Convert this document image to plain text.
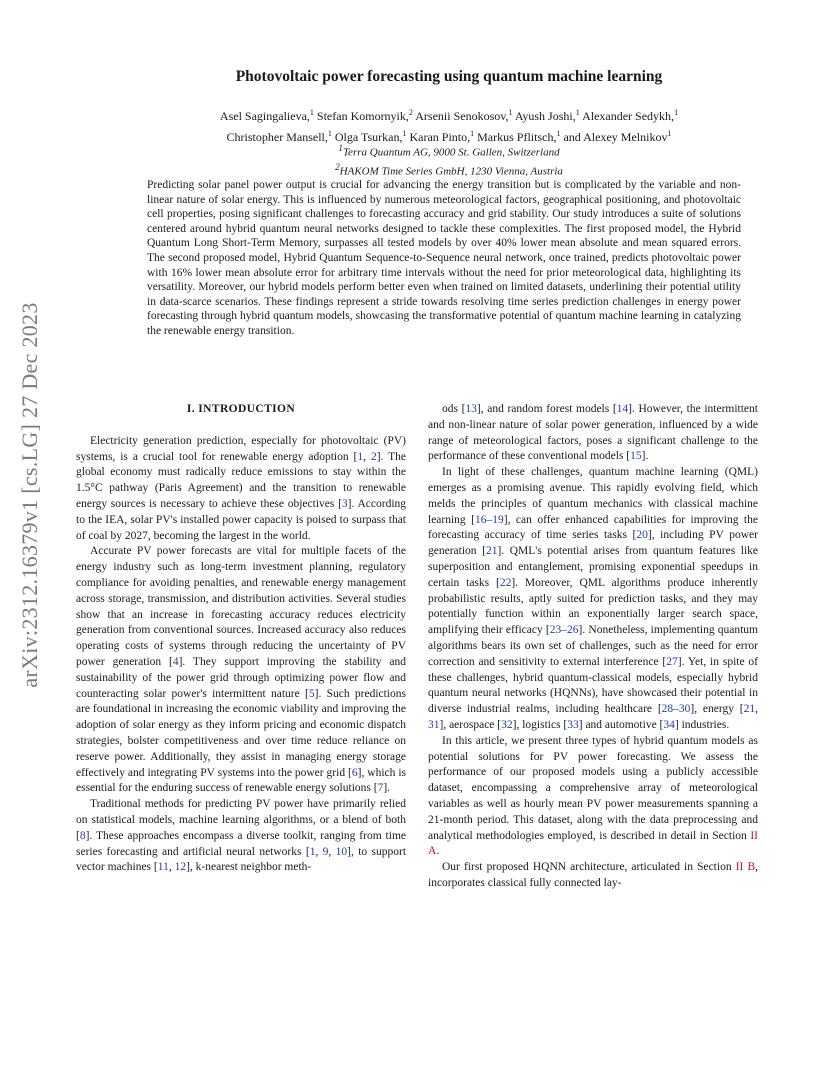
arXiv:2312.16379v1 [cs.LG] 27 Dec 2023
Photovoltaic power forecasting using quantum machine learning
Asel Sagingalieva,$^1$ Stefan Komornyik,$^2$ Arsenii Senokosov,$^1$ Ayush Joshi,$^1$ Alexander Sedykh,$^1$
Christopher Mansell,$^1$ Olga Tsurkan,$^1$ Karan Pinto,$^1$ Markus Pflitsch,$^1$ and Alexey Melnikov$^1$
$^1$Terra Quantum AG, 9000 St. Gallen, Switzerland
$^2$HAKOM Time Series GmbH, 1230 Vienna, Austria
Predicting solar panel power output is crucial for advancing the energy transition but is complicated by the variable and non-linear nature of solar energy. This is influenced by numerous meteorological factors, geographical positioning, and photovoltaic cell properties, posing significant challenges to forecasting accuracy and grid stability. Our study introduces a suite of solutions centered around hybrid quantum neural networks designed to tackle these complexities. The first proposed model, the Hybrid Quantum Long Short-Term Memory, surpasses all tested models by over 40% lower mean absolute and mean squared errors. The second proposed model, Hybrid Quantum Sequence-to-Sequence neural network, once trained, predicts photovoltaic power with 16% lower mean absolute error for arbitrary time intervals without the need for prior meteorological data, highlighting its versatility. Moreover, our hybrid models perform better even when trained on limited datasets, underlining their potential utility in data-scarce scenarios. These findings represent a stride towards resolving time series prediction challenges in energy power forecasting through hybrid quantum models, showcasing the transformative potential of quantum machine learning in catalyzing the renewable energy transition.
I. INTRODUCTION

Electricity generation prediction, especially for photovoltaic (PV) systems, is a crucial tool for renewable energy adoption [1, 2]. The global economy must radically reduce emissions to stay within the 1.5°C pathway (Paris Agreement) and the transition to renewable energy sources is necessary to achieve these objectives [3]. According to the IEA, solar PV's installed power capacity is poised to surpass that of coal by 2027, becoming the largest in the world.

Accurate PV power forecasts are vital for multiple facets of the energy industry such as long-term investment planning, regulatory compliance for avoiding penalties, and renewable energy management across storage, transmission, and distribution activities. Several studies show that an increase in forecasting accuracy reduces electricity generation from conventional sources. Increased accuracy also reduces operating costs of systems through reducing the uncertainty of PV power generation [4]. They support improving the stability and sustainability of the power grid through optimizing power flow and counteracting solar power's intermittent nature [5]. Such predictions are foundational in increasing the economic viability and improving the adoption of solar energy as they inform pricing and economic dispatch strategies, bolster competitiveness and over time reduce reliance on reserve power. Additionally, they assist in managing energy storage effectively and integrating PV systems into the power grid [6], which is essential for the enduring success of renewable energy solutions [7].

Traditional methods for predicting PV power have primarily relied on statistical models, machine learning algorithms, or a blend of both [8]. These approaches encompass a diverse toolkit, ranging from time series forecasting and artificial neural networks [1, 9, 10], to support vector machines [11, 12], k-nearest neighbor meth-

ods [13], and random forest models [14]. However, the intermittent and non-linear nature of solar power generation, influenced by a wide range of meteorological factors, poses a significant challenge to the performance of these conventional models [15].

In light of these challenges, quantum machine learning (QML) emerges as a promising avenue. This rapidly evolving field, which melds the principles of quantum mechanics with classical machine learning [16–19], can offer enhanced capabilities for improving the forecasting accuracy of time series tasks [20], including PV power generation [21]. QML's potential arises from quantum features like superposition and entanglement, promising exponential speedups in certain tasks [22]. Moreover, QML algorithms produce inherently probabilistic results, aptly suited for prediction tasks, and they may potentially function within an exponentially larger search space, amplifying their efficacy [23–26]. Nonetheless, implementing quantum algorithms bears its own set of challenges, such as the need for error correction and sensitivity to external interference [27]. Yet, in spite of these challenges, hybrid quantum-classical models, especially hybrid quantum neural networks (HQNNs), have showcased their potential in diverse industrial realms, including healthcare [28–30], energy [21, 31], aerospace [32], logistics [33] and automotive [34] industries.

In this article, we present three types of hybrid quantum models as potential solutions for PV power forecasting. We assess the performance of our proposed models using a publicly accessible dataset, encompassing a comprehensive array of meteorological variables as well as hourly mean PV power measurements spanning a 21-month period. This dataset, along with the data preprocessing and analytical methodologies employed, is described in detail in Section II A.

Our first proposed HQNN architecture, articulated in Section II B, incorporates classical fully connected lay-
